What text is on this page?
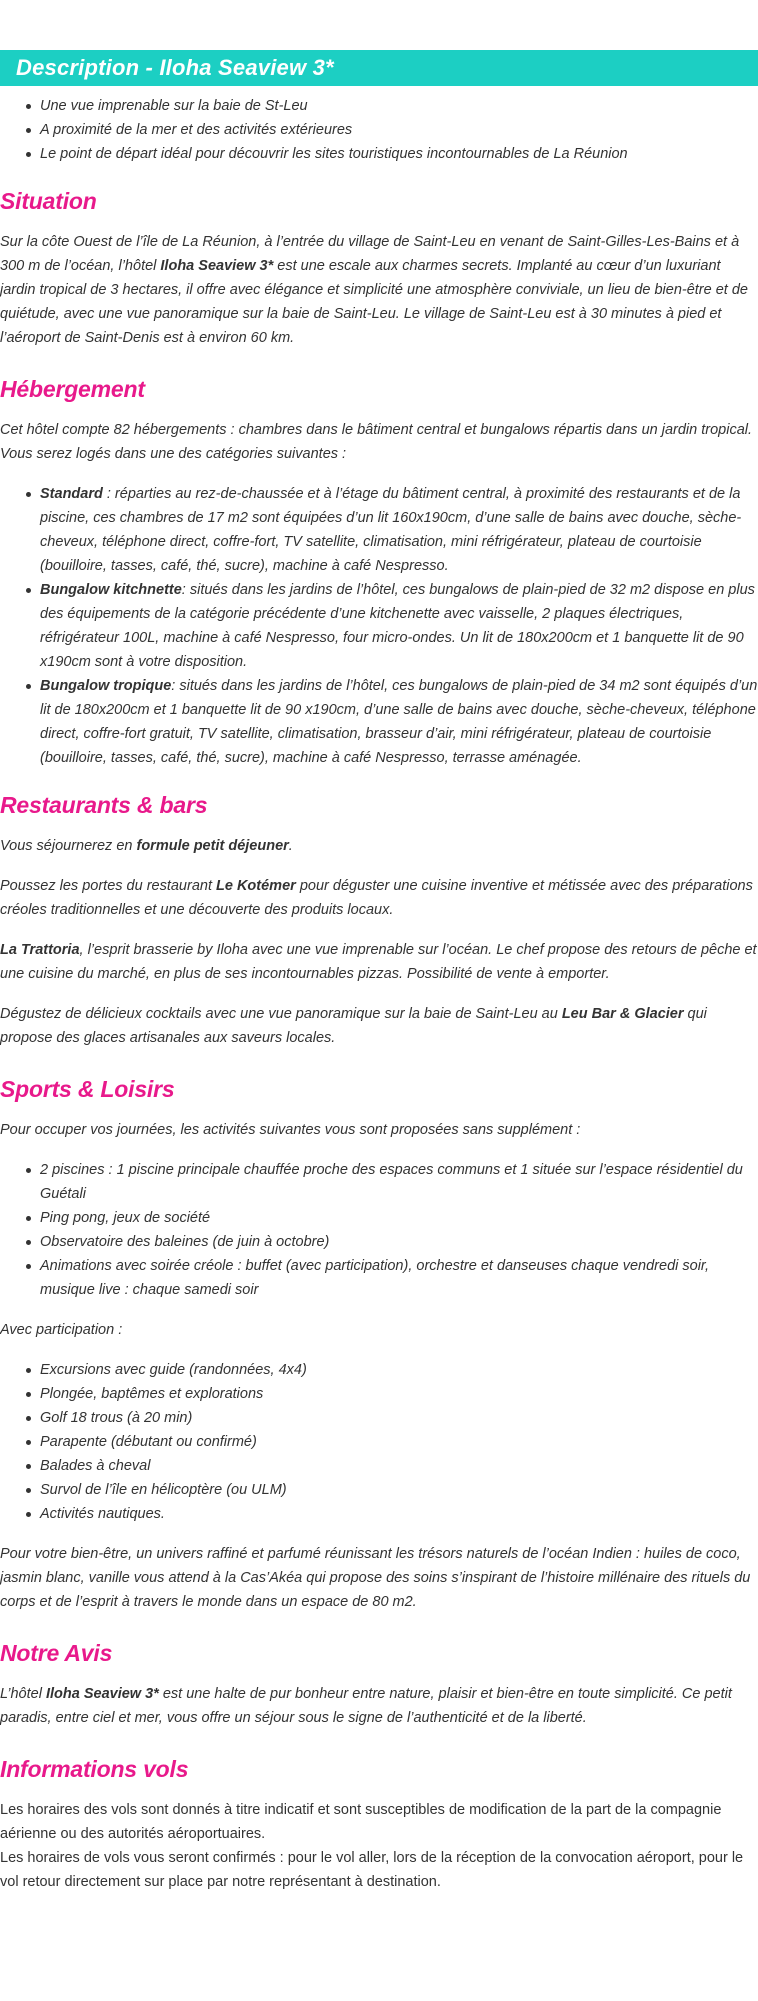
Description - Iloha Seaview 3*
Une vue imprenable sur la baie de St-Leu
A proximité de la mer et des activités extérieures
Le point de départ idéal pour découvrir les sites touristiques incontournables de La Réunion
Situation

Sur la côte Ouest de l’île de La Réunion, à l’entrée du village de Saint-Leu en venant de Saint-Gilles-Les-Bains et à 300 m de l’océan, l’hôtel Iloha Seaview 3* est une escale aux charmes secrets. Implanté au cœur d’un luxuriant jardin tropical de 3 hectares, il offre avec élégance et simplicité une atmosphère conviviale, un lieu de bien-être et de quiétude, avec une vue panoramique sur la baie de Saint-Leu. Le village de Saint-Leu est à 30 minutes à pied et l’aéroport de Saint-Denis est à environ 60 km.

Hébergement

Cet hôtel compte 82 hébergements : chambres dans le bâtiment central et bungalows répartis dans un jardin tropical. Vous serez logés dans une des catégories suivantes :

Standard : réparties au rez-de-chaussée et à l’étage du bâtiment central, à proximité des restaurants et de la piscine, ces chambres de 17 m2 sont équipées d’un lit 160x190cm, d’une salle de bains avec douche, sèche-cheveux, téléphone direct, coffre-fort, TV satellite, climatisation, mini réfrigérateur, plateau de courtoisie (bouilloire, tasses, café, thé, sucre), machine à café Nespresso.
Bungalow kitchnette: situés dans les jardins de l’hôtel, ces bungalows de plain-pied de 32 m2 dispose en plus des équipements de la catégorie précédente d’une kitchenette avec vaisselle, 2 plaques électriques, réfrigérateur 100L, machine à café Nespresso, four micro-ondes. Un lit de 180x200cm et 1 banquette lit de 90 x190cm sont à votre disposition.
Bungalow tropique: situés dans les jardins de l’hôtel, ces bungalows de plain-pied de 34 m2 sont équipés d’un lit de 180x200cm et 1 banquette lit de 90 x190cm, d’une salle de bains avec douche, sèche-cheveux, téléphone direct, coffre-fort gratuit, TV satellite, climatisation, brasseur d’air, mini réfrigérateur, plateau de courtoisie (bouilloire, tasses, café, thé, sucre), machine à café Nespresso, terrasse aménagée.
Restaurants & bars

Vous séjournerez en formule petit déjeuner.

Poussez les portes du restaurant Le Kotémer pour déguster une cuisine inventive et métissée avec des préparations créoles traditionnelles et une découverte des produits locaux.

La Trattoria, l’esprit brasserie by Iloha avec une vue imprenable sur l’océan. Le chef propose des retours de pêche et une cuisine du marché, en plus de ses incontournables pizzas. Possibilité de vente à emporter.

Dégustez de délicieux cocktails avec une vue panoramique sur la baie de Saint-Leu au Leu Bar & Glacier qui propose des glaces artisanales aux saveurs locales.

Sports & Loisirs

Pour occuper vos journées, les activités suivantes vous sont proposées sans supplément :

2 piscines : 1 piscine principale chauffée proche des espaces communs et 1 située sur l’espace résidentiel du Guétali
Ping pong, jeux de société
Observatoire des baleines (de juin à octobre)
Animations avec soirée créole : buffet (avec participation), orchestre et danseuses chaque vendredi soir, musique live : chaque samedi soir

Avec participation :

Excursions avec guide (randonnées, 4x4)
Plongée, baptêmes et explorations
Golf 18 trous (à 20 min)
Parapente (débutant ou confirmé)
Balades à cheval
Survol de l’île en hélicoptère (ou ULM)
Activités nautiques.

Pour votre bien-être, un univers raffiné et parfumé réunissant les trésors naturels de l’océan Indien : huiles de coco, jasmin blanc, vanille vous attend à la Cas’Akéa qui propose des soins s’inspirant de l’histoire millénaire des rituels du corps et de l’esprit à travers le monde dans un espace de 80 m2.

Notre Avis

L’hôtel Iloha Seaview 3* est une halte de pur bonheur entre nature, plaisir et bien-être en toute simplicité. Ce petit paradis, entre ciel et mer, vous offre un séjour sous le signe de l’authenticité et de la liberté.

Informations vols

Les horaires des vols sont donnés à titre indicatif et sont susceptibles de modification de la part de la compagnie aérienne ou des autorités aéroportuaires.

Les horaires de vols vous seront confirmés : pour le vol aller, lors de la réception de la convocation aéroport, pour le vol retour directement sur place par notre représentant à destination.
